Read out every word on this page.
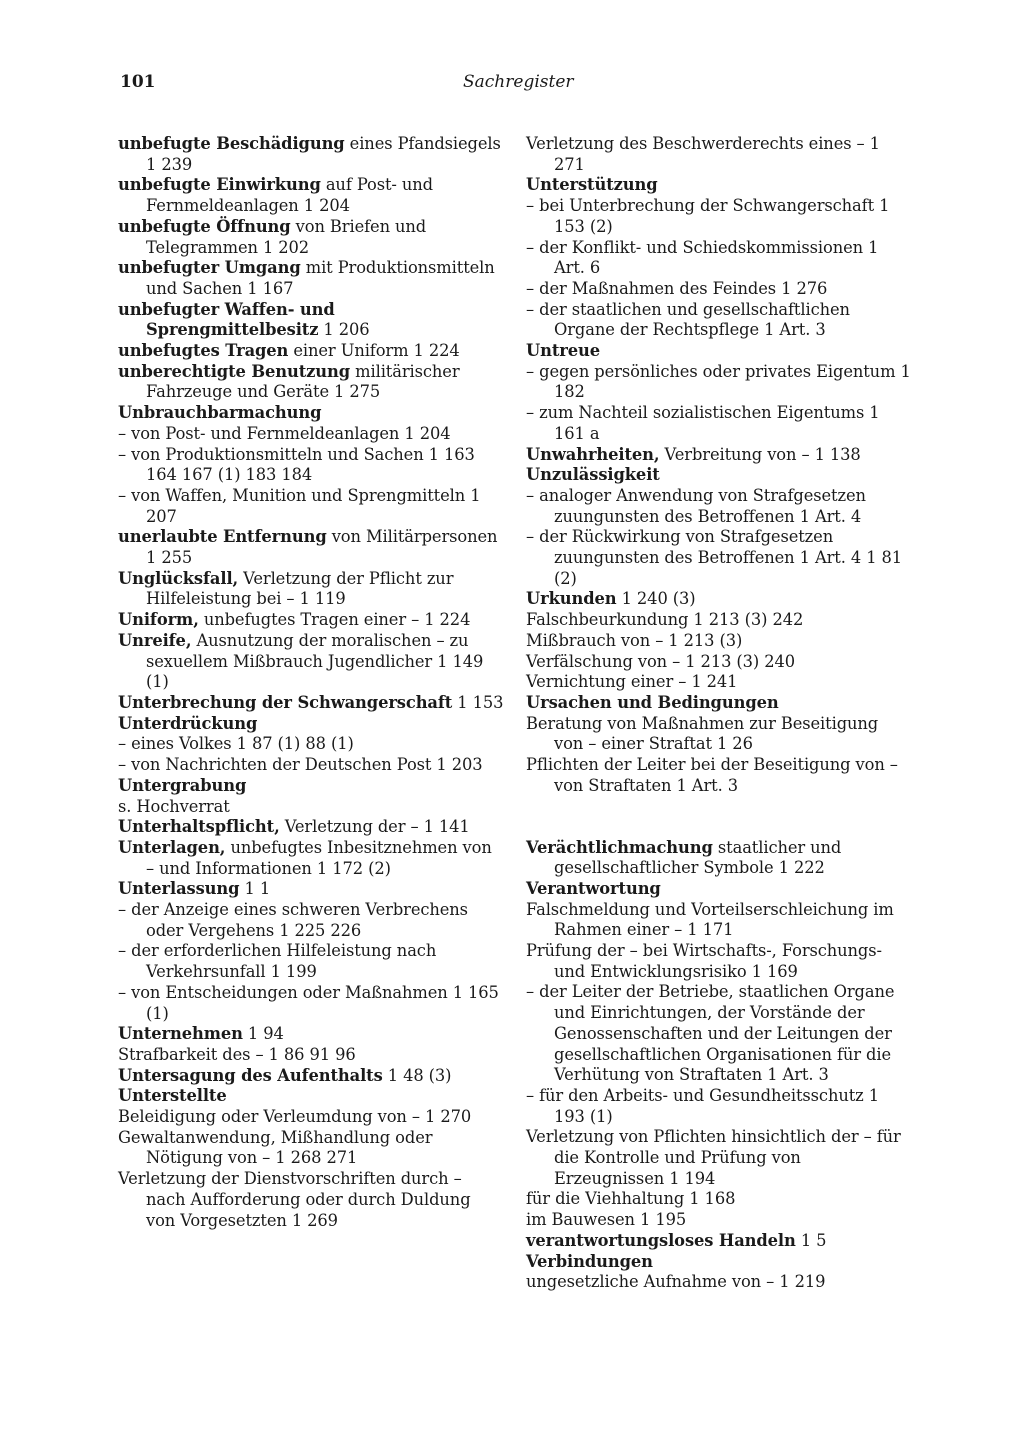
101	Sachregister
unbefugte Beschädigung eines Pfandsiegels 1 239
unbefugte Einwirkung auf Post- und Fernmeldeanlagen 1 204
unbefugte Öffnung von Briefen und Telegrammen 1 202
unbefugter Umgang mit Produktionsmitteln und Sachen 1 167
unbefugter Waffen- und Sprengmittelbesitz 1 206
unbefugtes Tragen einer Uniform 1 224
unberechtigte Benutzung militärischer Fahrzeuge und Geräte 1 275
Unbrauchbarmachung
– von Post- und Fernmeldeanlagen 1 204
– von Produktionsmitteln und Sachen 1 163 164 167 (1) 183 184
– von Waffen, Munition und Sprengmitteln 1 207
unerlaubte Entfernung von Militärpersonen 1 255
Unglücksfall, Verletzung der Pflicht zur Hilfeleistung bei – 1 119
Uniform, unbefugtes Tragen einer – 1 224
Unreife, Ausnutzung der moralischen – zu sexuellem Mißbrauch Jugendlicher 1 149 (1)
Unterbrechung der Schwangerschaft 1 153
Unterdrückung
– eines Volkes 1 87 (1) 88 (1)
– von Nachrichten der Deutschen Post 1 203
Untergrabung
s. Hochverrat
Unterhaltspflicht, Verletzung der – 1 141
Unterlagen, unbefugtes Inbesitznehmen von – und Informationen 1 172 (2)
Unterlassung 1 1
– der Anzeige eines schweren Verbrechens oder Vergehens 1 225 226
– der erforderlichen Hilfeleistung nach Verkehrsunfall 1 199
– von Entscheidungen oder Maßnahmen 1 165 (1)
Unternehmen 1 94
Strafbarkeit des – 1 86 91 96
Untersagung des Aufenthalts 1 48 (3)
Unterstellte
Beleidigung oder Verleumdung von – 1 270
Gewaltanwendung, Mißhandlung oder Nötigung von – 1 268 271
Verletzung der Dienstvorschriften durch – nach Aufforderung oder durch Duldung von Vorgesetzten 1 269
Verletzung des Beschwerderechts eines – 1 271
Unterstützung
– bei Unterbrechung der Schwangerschaft 1 153 (2)
– der Konflikt- und Schiedskommissionen 1 Art. 6
– der Maßnahmen des Feindes 1 276
– der staatlichen und gesellschaftlichen Organe der Rechtspflege 1 Art. 3
Untreue
– gegen persönliches oder privates Eigentum 1 182
– zum Nachteil sozialistischen Eigentums 1 161 a
Unwahrheiten, Verbreitung von – 1 138
Unzulässigkeit
– analoger Anwendung von Strafgesetzen zuungunsten des Betroffenen 1 Art. 4
– der Rückwirkung von Strafgesetzen zuungunsten des Betroffenen 1 Art. 4 1 81 (2)
Urkunden 1 240 (3)
Falschbeurkundung 1 213 (3) 242
Mißbrauch von – 1 213 (3)
Verfälschung von – 1 213 (3) 240
Vernichtung einer – 1 241
Ursachen und Bedingungen
Beratung von Maßnahmen zur Beseitigung von – einer Straftat 1 26
Pflichten der Leiter bei der Beseitigung von – von Straftaten 1 Art. 3
Verächtlichmachung staatlicher und gesellschaftlicher Symbole 1 222
Verantwortung
Falschmeldung und Vorteilserschleichung im Rahmen einer – 1 171
Prüfung der – bei Wirtschafts-, Forschungs- und Entwicklungsrisiko 1 169
– der Leiter der Betriebe, staatlichen Organe und Einrichtungen, der Vorstände der Genossenschaften und der Leitungen der gesellschaftlichen Organisationen für die Verhütung von Straftaten 1 Art. 3
– für den Arbeits- und Gesundheitsschutz 1 193 (1)
Verletzung von Pflichten hinsichtlich der – für die Kontrolle und Prüfung von Erzeugnissen 1 194
für die Viehhaltung 1 168
im Bauwesen 1 195
verantwortungsloses Handeln 1 5
Verbindungen
ungesetzliche Aufnahme von – 1 219
